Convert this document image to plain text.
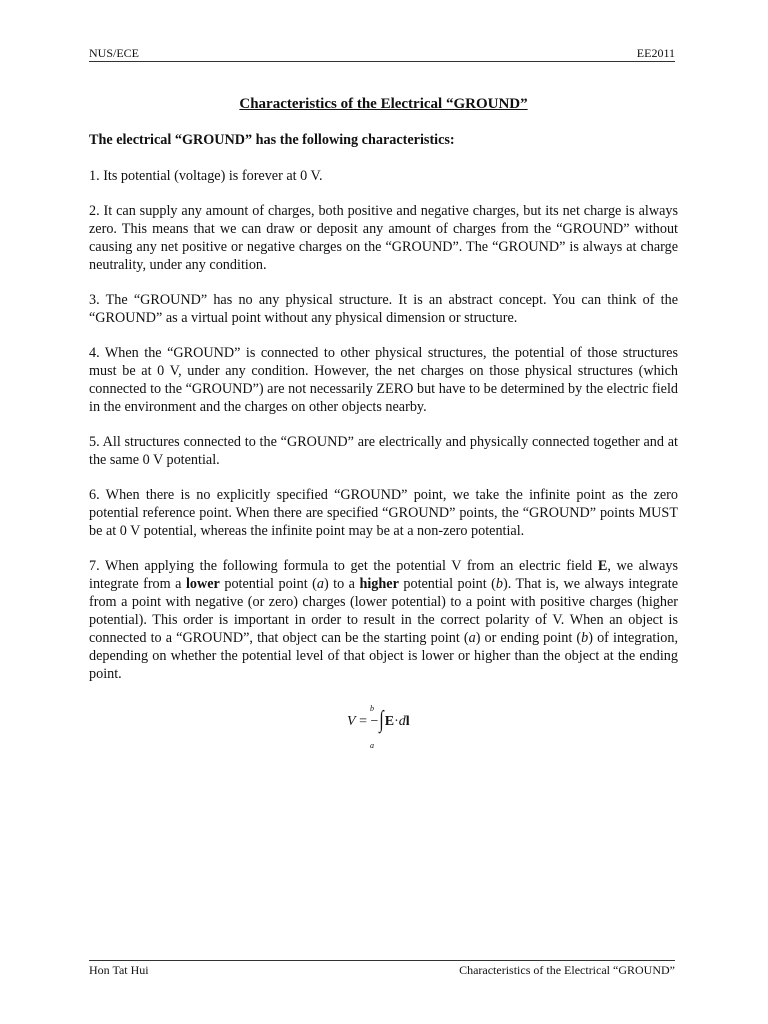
NUS/ECE	EE2011

Characteristics of the Electrical “GROUND”

The electrical “GROUND” has the following characteristics:

1. Its potential (voltage) is forever at 0 V.

2. It can supply any amount of charges, both positive and negative charges, but its net charge is always zero. This means that we can draw or deposit any amount of charges from the “GROUND” without causing any net positive or negative charges on the “GROUND”. The “GROUND” is always at charge neutrality, under any condition.

3. The “GROUND” has no any physical structure. It is an abstract concept. You can think of the “GROUND” as a virtual point without any physical dimension or structure.

4. When the “GROUND” is connected to other physical structures, the potential of those structures must be at 0 V, under any condition. However, the net charges on those physical structures (which connected to the “GROUND”) are not necessarily ZERO but have to be determined by the electric field in the environment and the charges on other objects nearby.

5. All structures connected to the “GROUND” are electrically and physically connected together and at the same 0 V potential.

6. When there is no explicitly specified “GROUND” point, we take the infinite point as the zero potential reference point. When there are specified “GROUND” points, the “GROUND” points MUST be at 0 V potential, whereas the infinite point may be at a non-zero potential.

7. When applying the following formula to get the potential V from an electric field E, we always integrate from a lower potential point (a) to a higher potential point (b). That is, we always integrate from a point with negative (or zero) charges (lower potential) to a point with positive charges (higher potential). This order is important in order to result in the correct polarity of V. When an object is connected to a “GROUND”, that object can be the starting point (a) or ending point (b) of integration, depending on whether the potential level of that object is lower or higher than the object at the ending point.

b
V = −∫E·dl
a
Hon Tat Hui	Characteristics of the Electrical “GROUND”
